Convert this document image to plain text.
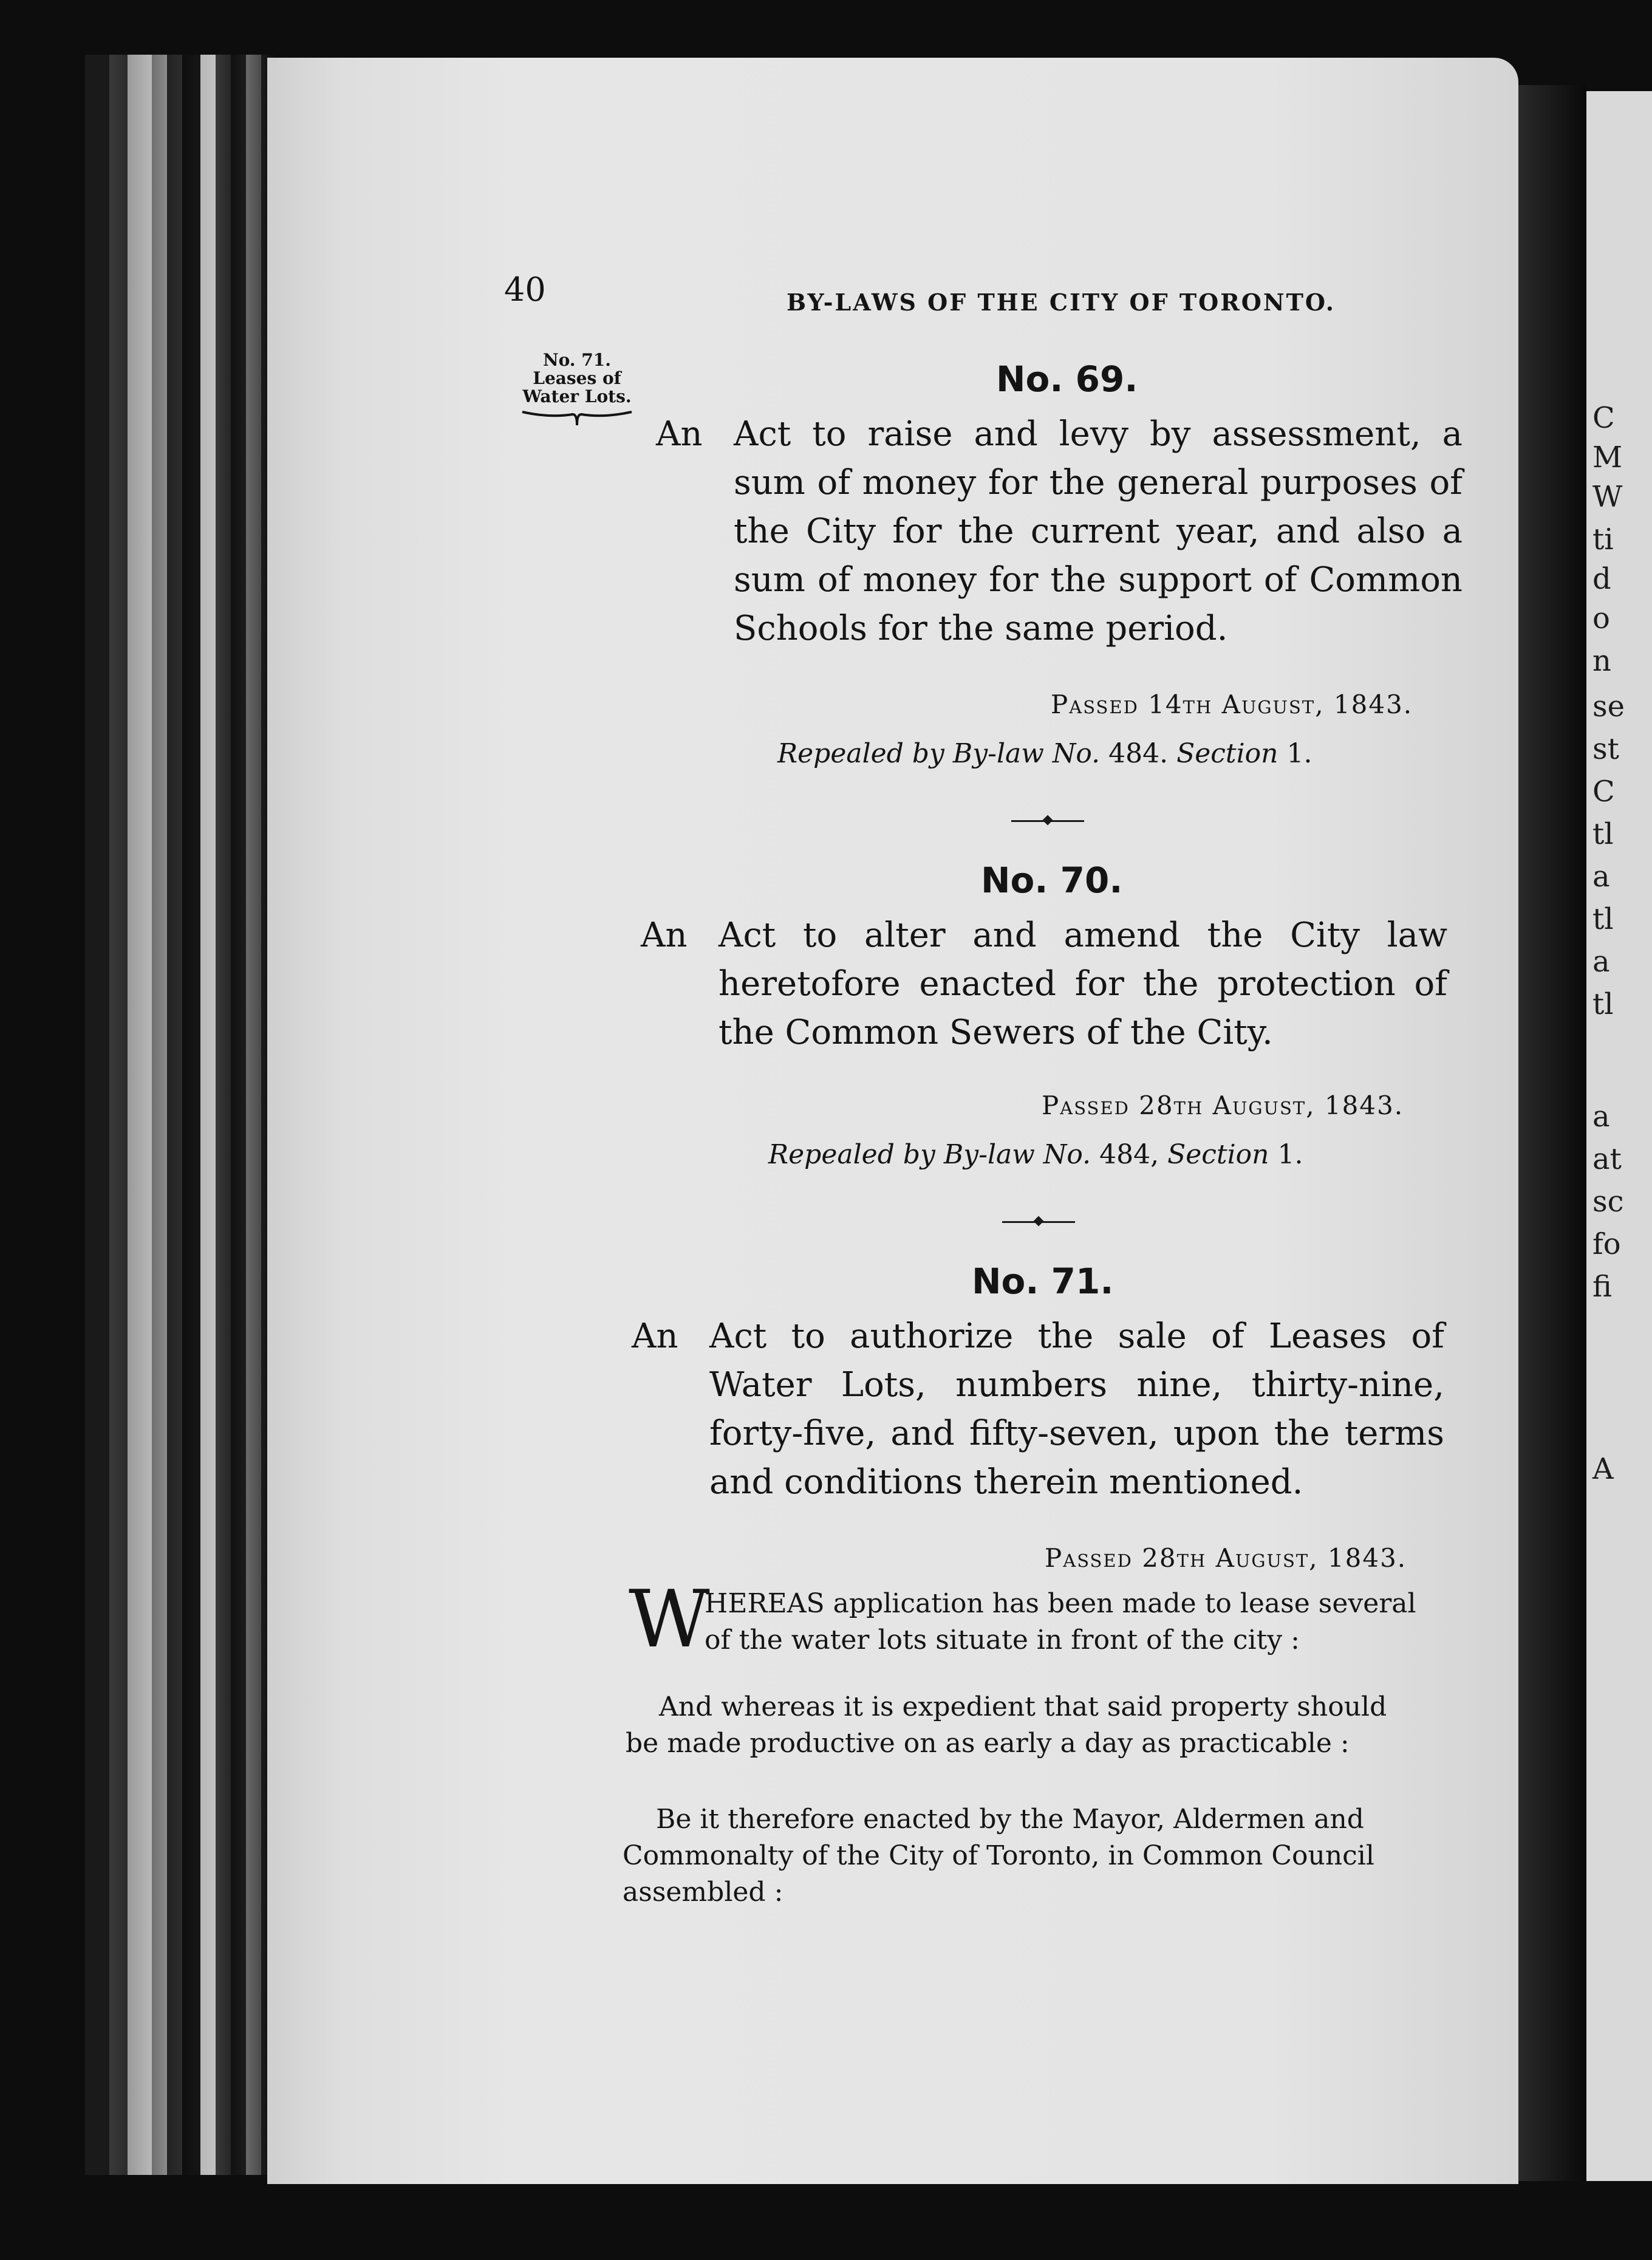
C
M
W
ti
d
o
n
se
st
C
tl
a
tl
a
tl
a
at
sc
fo
fi
A
40	BY-LAWS OF THE CITY OF TORONTO.
No. 71.
Leases of
Water Lots.	No. 69.
An Act to raise and levy by assessment, a
sum of money for the general purposes of
the City for the current year, and also a
sum of money for the support of Common
Schools for the same period.
Passed 14th August, 1843.
Repealed by By-law No. 484. Section 1.
No. 70.
An Act to alter and amend the City law
heretofore enacted for the protection of
the Common Sewers of the City.
Passed 28th August, 1843.
Repealed by By-law No. 484, Section 1.
No. 71.
An Act to authorize the sale of Leases of
Water Lots, numbers nine, thirty-nine,
forty-five, and fifty-seven, upon the terms
and conditions therein mentioned.
Passed 28th August, 1843.
W

HEREAS application has been made to lease several

of the water lots situate in front of the city :

And whereas it is expedient that said property should

be made productive on as early a day as practicable :

Be it therefore enacted by the Mayor, Aldermen and

Commonalty of the City of Toronto, in Common Council

assembled :
